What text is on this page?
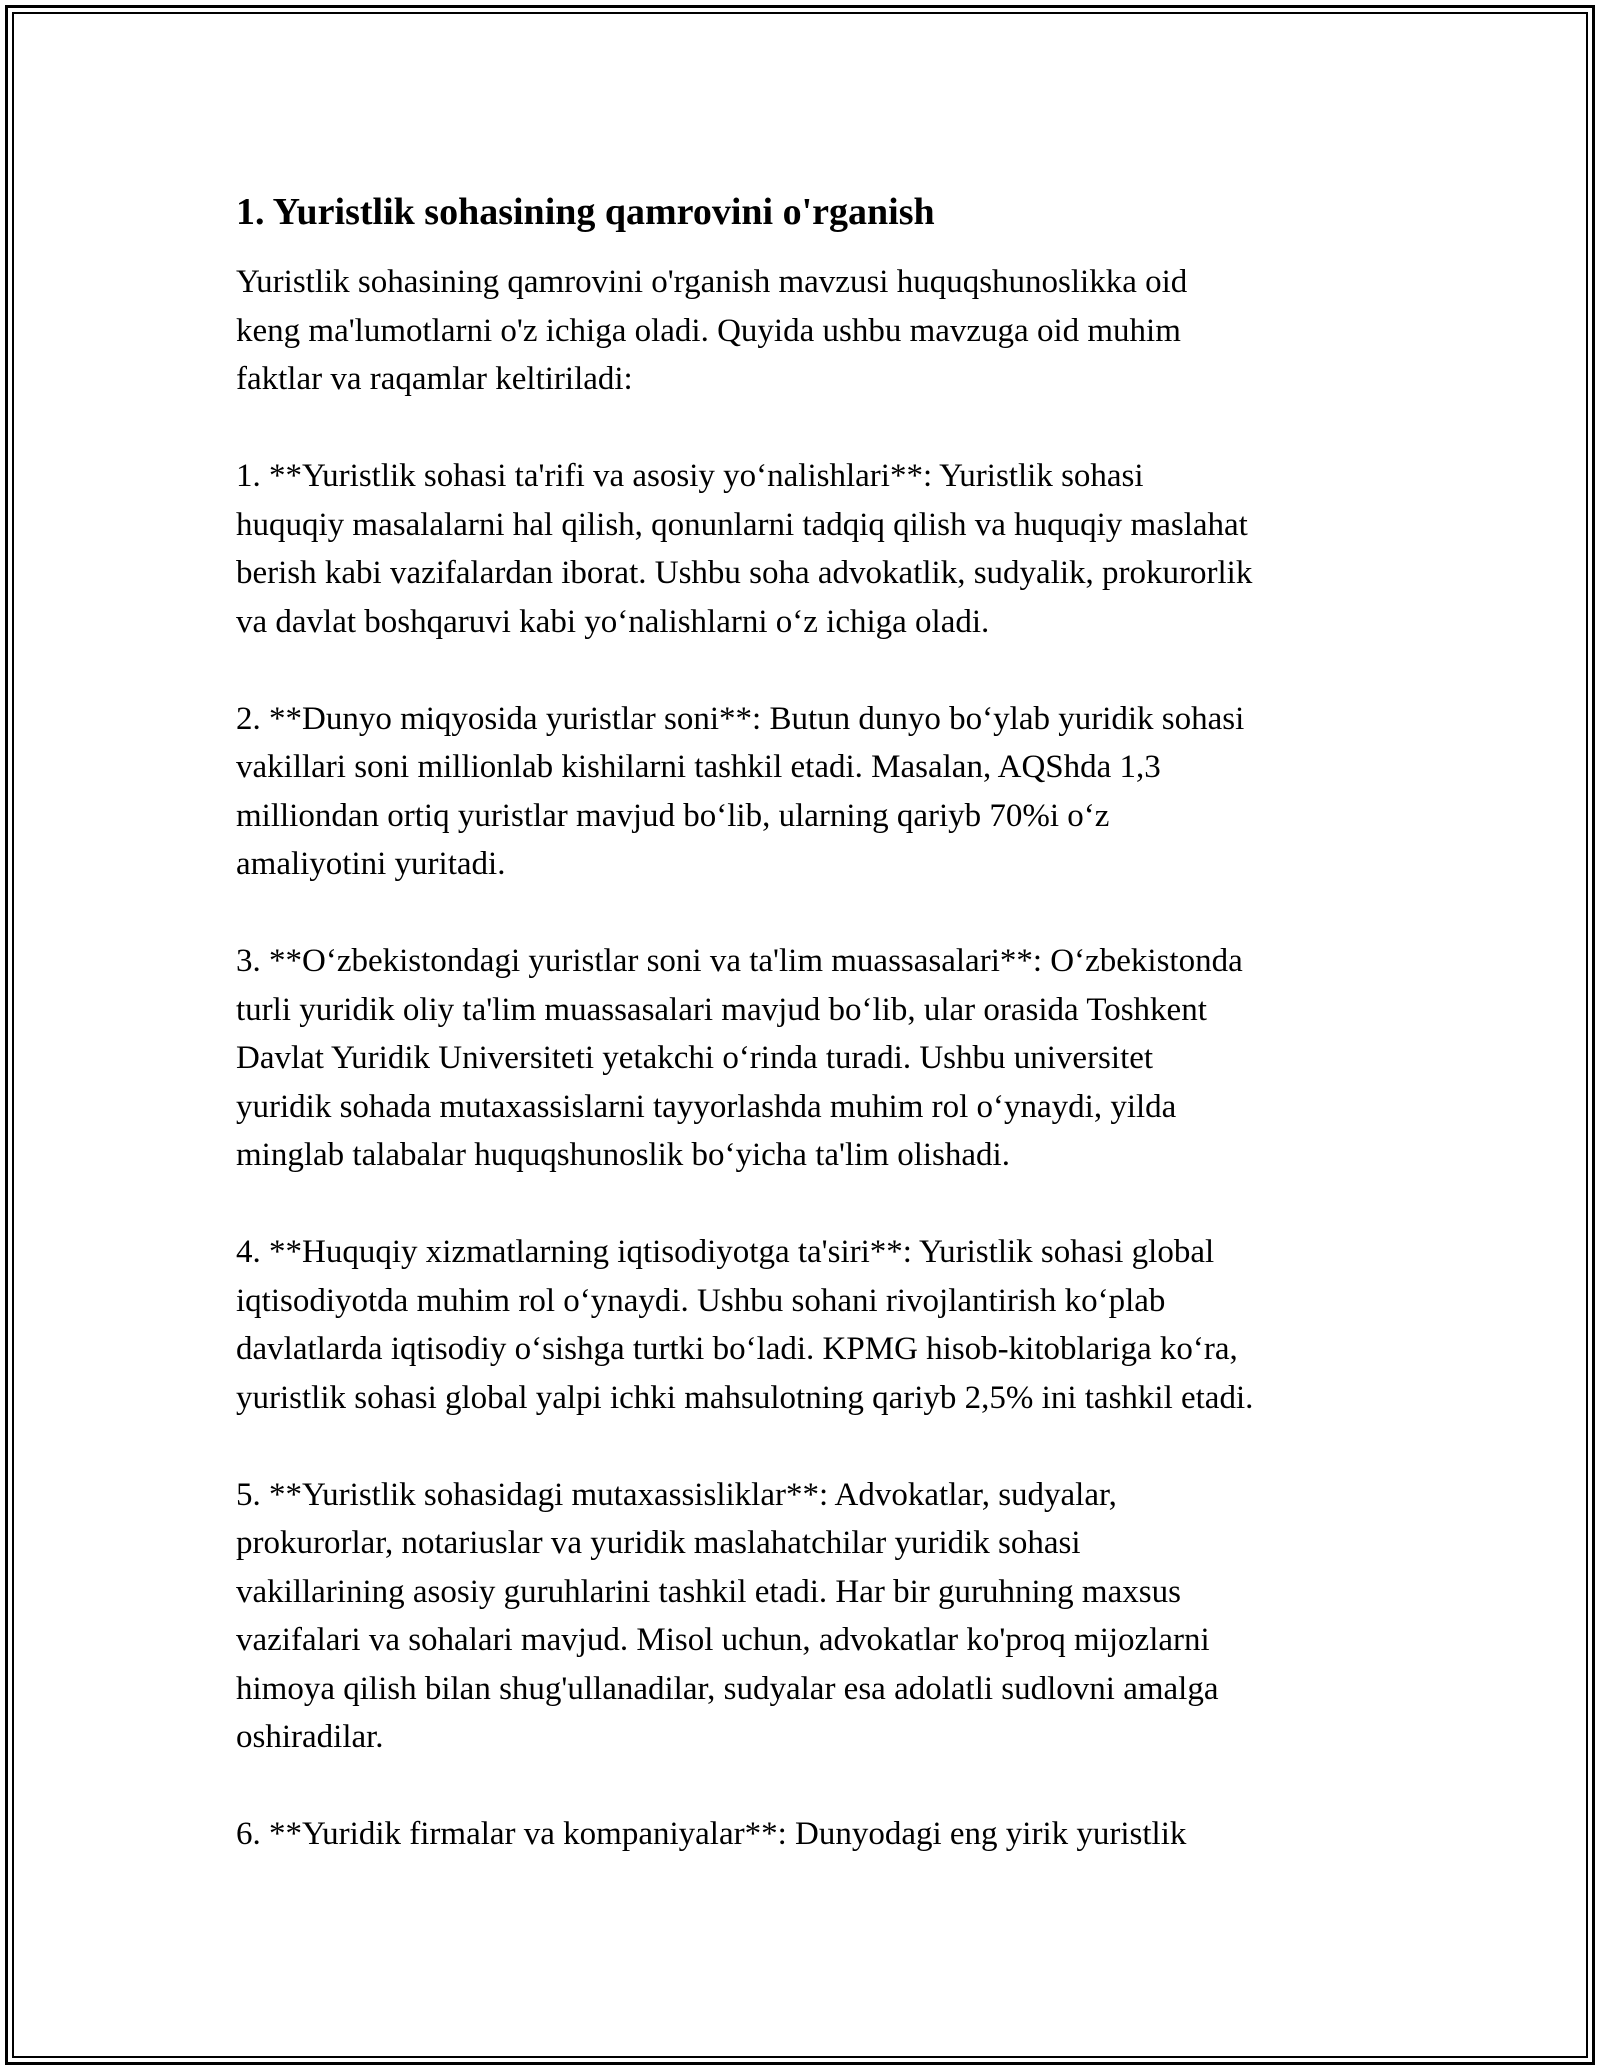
1. Yuristlik sohasining qamrovini o'rganish

Yuristlik sohasining qamrovini o'rganish mavzusi huquqshunoslikka oid
keng ma'lumotlarni o'z ichiga oladi. Quyida ushbu mavzuga oid muhim
faktlar va raqamlar keltiriladi:

1. **Yuristlik sohasi ta'rifi va asosiy yo‘nalishlari**: Yuristlik sohasi
huquqiy masalalarni hal qilish, qonunlarni tadqiq qilish va huquqiy maslahat
berish kabi vazifalardan iborat. Ushbu soha advokatlik, sudyalik, prokurorlik
va davlat boshqaruvi kabi yo‘nalishlarni o‘z ichiga oladi.

2. **Dunyo miqyosida yuristlar soni**: Butun dunyo bo‘ylab yuridik sohasi
vakillari soni millionlab kishilarni tashkil etadi. Masalan, AQShda 1,3
milliondan ortiq yuristlar mavjud bo‘lib, ularning qariyb 70%i o‘z
amaliyotini yuritadi.

3. **O‘zbekistondagi yuristlar soni va ta'lim muassasalari**: O‘zbekistonda
turli yuridik oliy ta'lim muassasalari mavjud bo‘lib, ular orasida Toshkent
Davlat Yuridik Universiteti yetakchi o‘rinda turadi. Ushbu universitet
yuridik sohada mutaxassislarni tayyorlashda muhim rol o‘ynaydi, yilda
minglab talabalar huquqshunoslik bo‘yicha ta'lim olishadi.

4. **Huquqiy xizmatlarning iqtisodiyotga ta'siri**: Yuristlik sohasi global
iqtisodiyotda muhim rol o‘ynaydi. Ushbu sohani rivojlantirish ko‘plab
davlatlarda iqtisodiy o‘sishga turtki bo‘ladi. KPMG hisob-kitoblariga ko‘ra,
yuristlik sohasi global yalpi ichki mahsulotning qariyb 2,5% ini tashkil etadi.

5. **Yuristlik sohasidagi mutaxassisliklar**: Advokatlar, sudyalar,
prokurorlar, notariuslar va yuridik maslahatchilar yuridik sohasi
vakillarining asosiy guruhlarini tashkil etadi. Har bir guruhning maxsus
vazifalari va sohalari mavjud. Misol uchun, advokatlar ko'proq mijozlarni
himoya qilish bilan shug'ullanadilar, sudyalar esa adolatli sudlovni amalga
oshiradilar.

6. **Yuridik firmalar va kompaniyalar**: Dunyodagi eng yirik yuristlik
